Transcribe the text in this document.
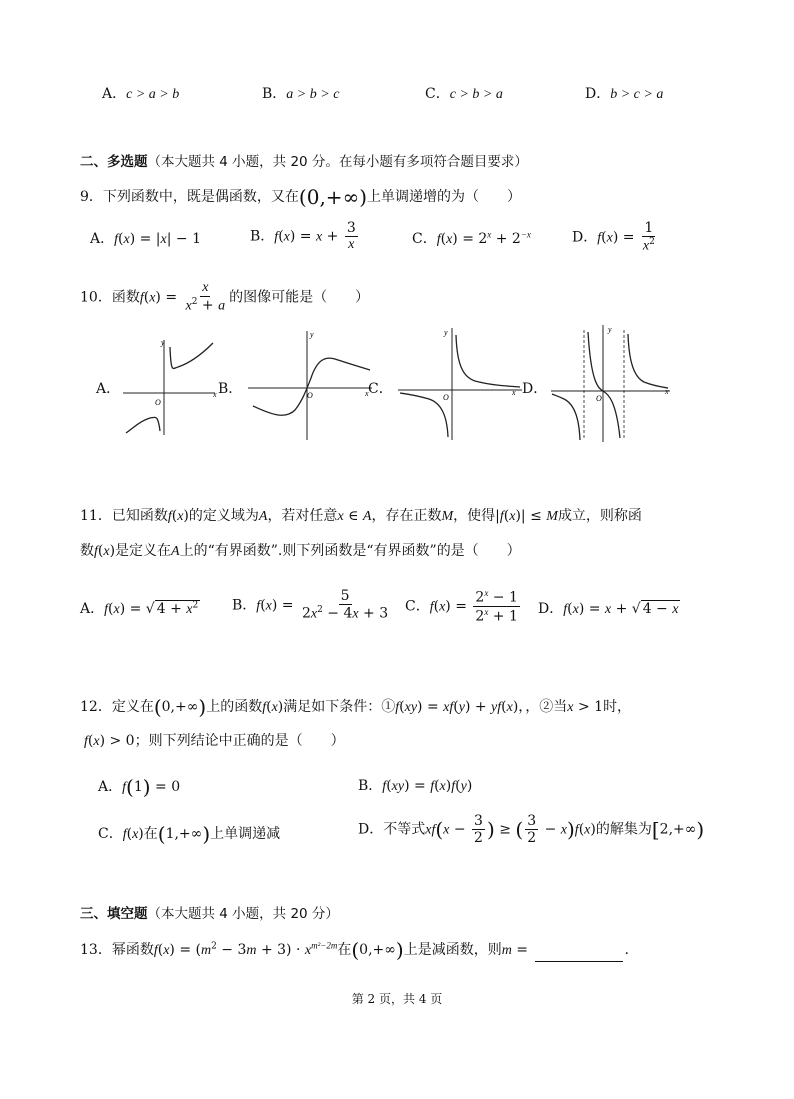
A．c > a > b	B．a > b > c	C．c > b > a	D．b > c > a
二、多选题（本大题共 4 小题，共 20 分。在每小题有多项符合题目要求）
9．下列函数中，既是偶函数，又在(0,+∞)上单调递增的为（　　）
A．f(x) = |x| − 1	B．$f(x) = x + \frac{3}{x}$	C．$f(x) = 2^x + 2^{-x}$	D．$f(x) = \frac{1}{x^2}$
10．函数$f(x) = \frac{x}{x^2 + a}$ 的图像可能是（　　）
A．
y
x
O
B．
y
x
O	C．
y
x
O
D．
y
x
O
11．已知函数f(x)的定义域为A，若对任意x ∈ A，存在正数M，使得|f(x)| ≤ M成立，则称函
数f(x)是定义在A上的“有界函数”.则下列函数是“有界函数”的是（　　）
A．f(x) = √ $4 + x^2$ B．$f(x) = \frac{5}{2x^2 - 4x + 3}$ C．$f(x) = \frac{2^x - 1}{2^x + 1}$ D．f(x) = x + √ 4 − x
12．定义在(0,+∞)上的函数f(x)满足如下条件：①f(xy) = xf(y) + yf(x)，，②当x > 1时，
f(x) > 0；则下列结论中正确的是（　　）
A．f(1) = 0	B．f(xy) = f(x)f(y)
C．f(x)在(1,+∞)上单调递减	D．不等式$xf(x - \frac{3}{2}$ ) ≥ ( $\frac{3}{2} - x)f(x)$的解集为[2,+∞)
三、填空题（本大题共 4 小题，共 20 分）
13．幂函数$f(x) = (m^2 - 3m + 3) \cdot x^{m^2-2m}$在(0,+∞)上是减函数，则m =	.
第 2 页，共 4 页
